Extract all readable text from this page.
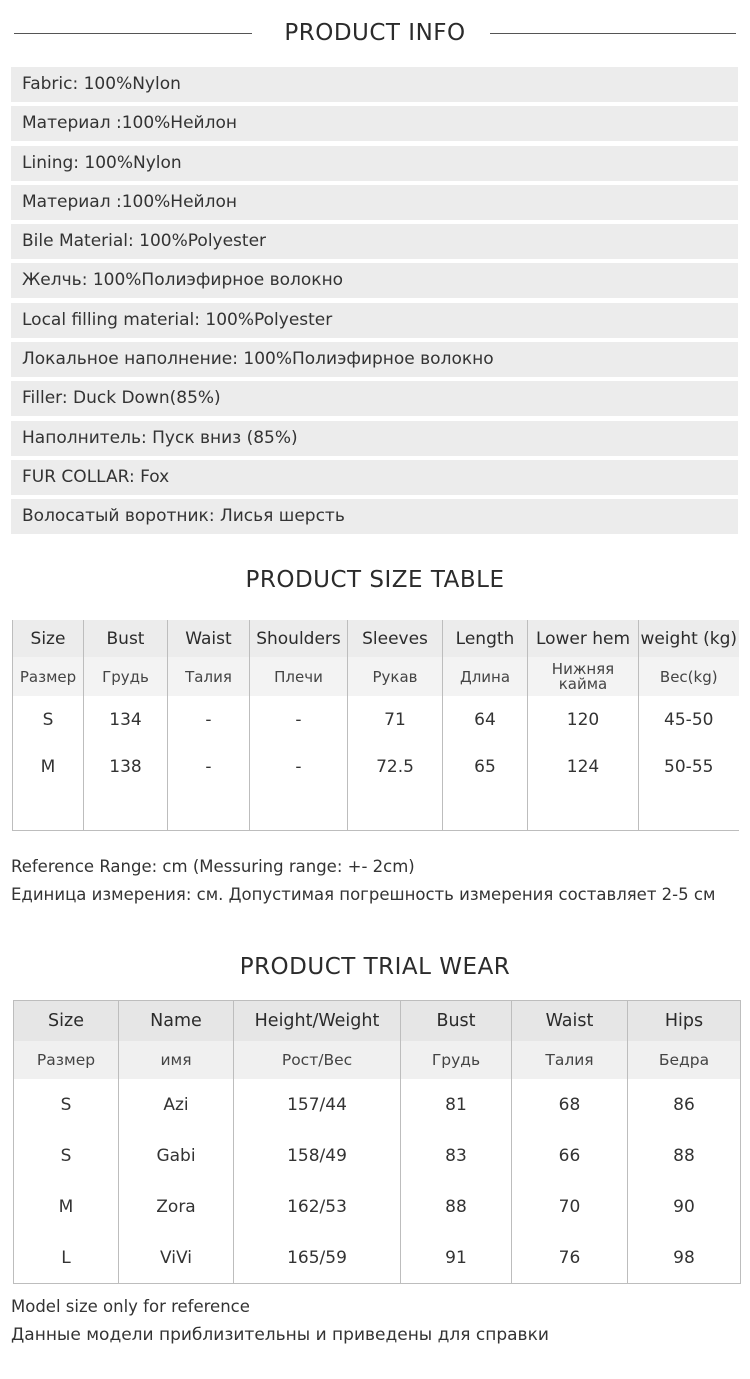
PRODUCT INFO
Fabric: 100%Nylon
Материал :100%Нейлон
Lining: 100%Nylon
Материал :100%Нейлон
Bile Material: 100%Polyester
Желчь: 100%Полиэфирное волокно
Local filling material: 100%Polyester
Локальное наполнение: 100%Полиэфирное волокно
Filler: Duck Down(85%)
Наполнитель: Пуск вниз (85%)
FUR COLLAR: Fox
Волосатый воротник: Лисья шерсть
PRODUCT SIZE TABLE
Size	Bust	Waist	Shoulders	Sleeves	Length	Lower hem	weight (kg)
Размер	Грудь	Талия	Плечи	Рукав	Длина	Нижняя кайма	Вес(kg)
S	134	-	-	71	64	120	45-50
M	138	-	-	72.5	65	124	50-55

Reference Range: cm (Messuring range: +- 2cm)
Единица измерения: см. Допустимая погрешность измерения составляет 2-5 см
PRODUCT TRIAL WEAR
Size	Name	Height/Weight	Bust	Waist	Hips
Размер	имя	Рост/Вес	Грудь	Талия	Бедра
S	Azi	157/44	81	68	86
S	Gabi	158/49	83	66	88
M	Zora	162/53	88	70	90
L	ViVi	165/59	91	76	98
Model size only for reference
Данные модели приблизительны и приведены для справки
